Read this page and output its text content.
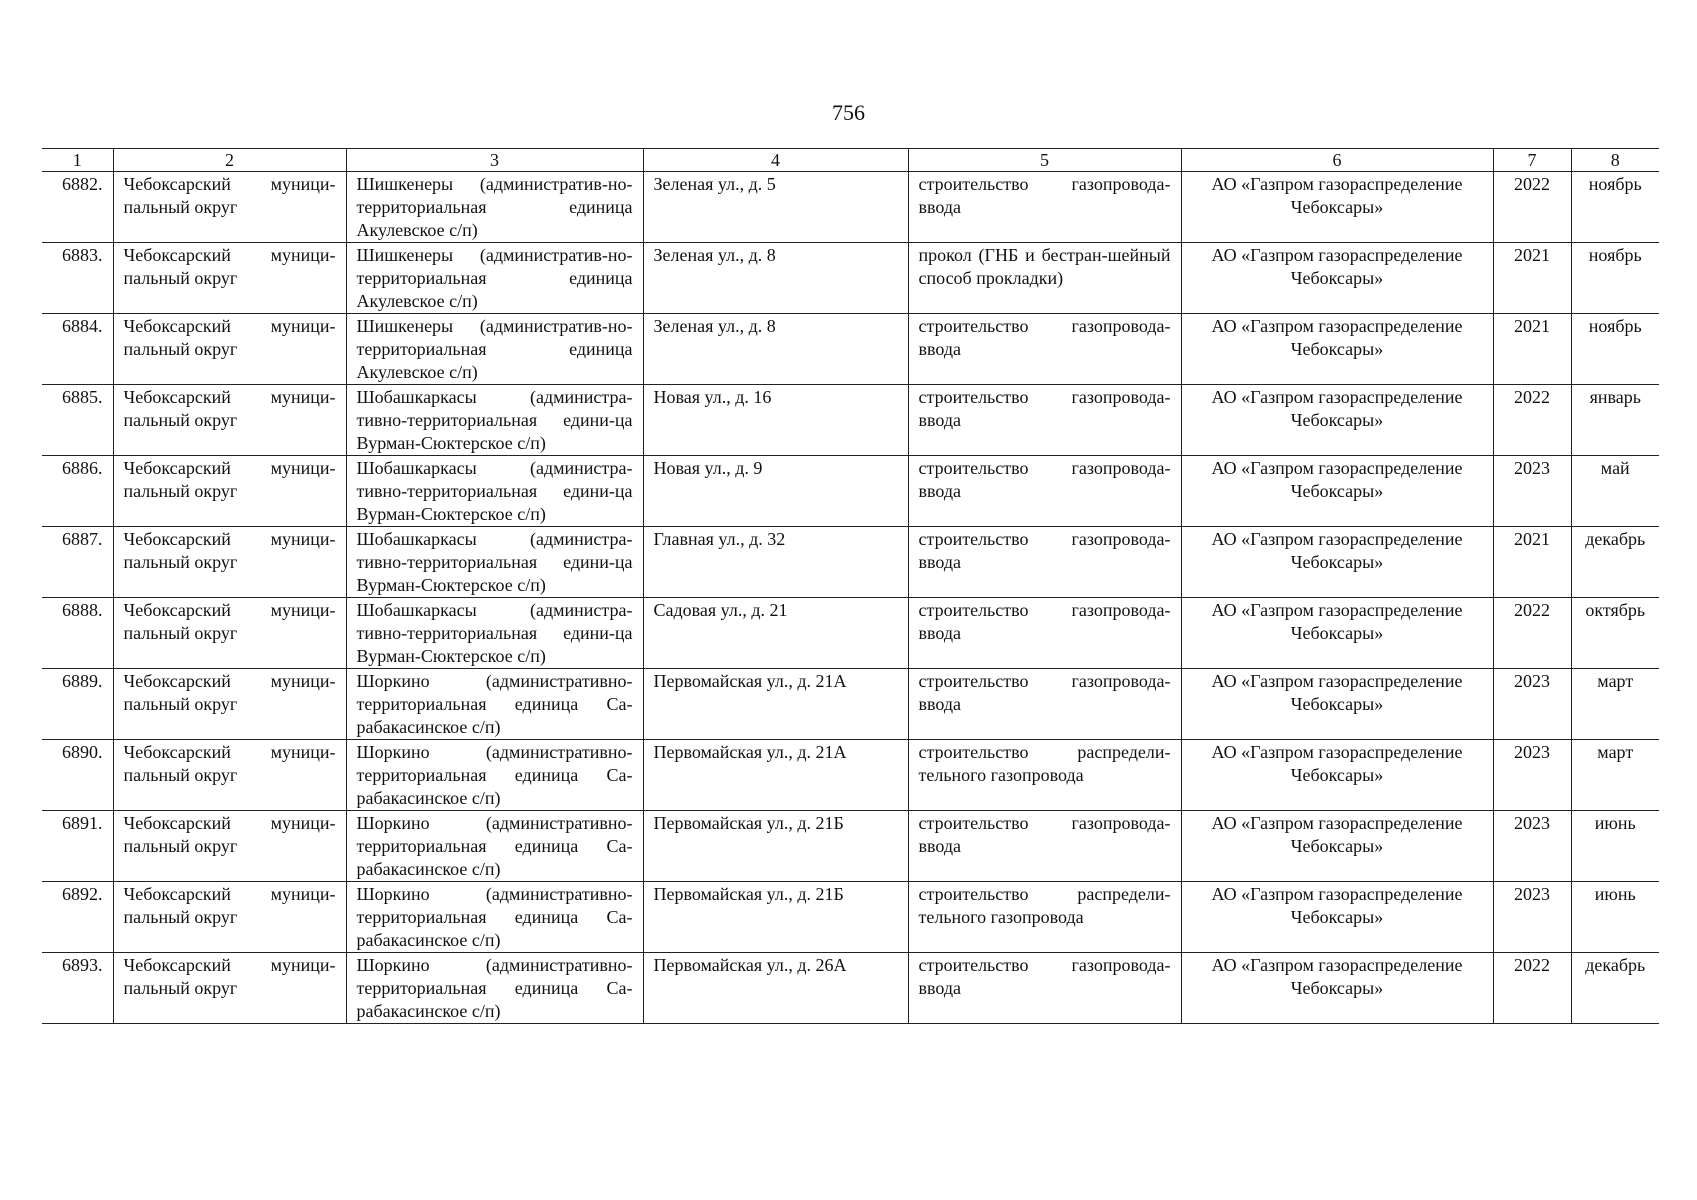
756
1	2	3	4	5	6	7	8
6882.	Чебоксарский муници-пальный округ	Шишкенеры (административ-но-территориальная единица Акулевское с/п)	Зеленая ул., д. 5	строительство газопровода-ввода	АО «Газпром газораспределение Чебоксары»	2022	ноябрь
6883.	Чебоксарский муници-пальный округ	Шишкенеры (административ-но-территориальная единица Акулевское с/п)	Зеленая ул., д. 8	прокол (ГНБ и бестран-шейный способ прокладки)	АО «Газпром газораспределение Чебоксары»	2021	ноябрь
6884.	Чебоксарский муници-пальный округ	Шишкенеры (административ-но-территориальная единица Акулевское с/п)	Зеленая ул., д. 8	строительство газопровода-ввода	АО «Газпром газораспределение Чебоксары»	2021	ноябрь
6885.	Чебоксарский муници-пальный округ	Шобашкаркасы (администра-тивно-территориальная едини-ца Вурман-Сюктерское с/п)	Новая ул., д. 16	строительство газопровода-ввода	АО «Газпром газораспределение Чебоксары»	2022	январь
6886.	Чебоксарский муници-пальный округ	Шобашкаркасы (администра-тивно-территориальная едини-ца Вурман-Сюктерское с/п)	Новая ул., д. 9	строительство газопровода-ввода	АО «Газпром газораспределение Чебоксары»	2023	май
6887.	Чебоксарский муници-пальный округ	Шобашкаркасы (администра-тивно-территориальная едини-ца Вурман-Сюктерское с/п)	Главная ул., д. 32	строительство газопровода-ввода	АО «Газпром газораспределение Чебоксары»	2021	декабрь
6888.	Чебоксарский муници-пальный округ	Шобашкаркасы (администра-тивно-территориальная едини-ца Вурман-Сюктерское с/п)	Садовая ул., д. 21	строительство газопровода-ввода	АО «Газпром газораспределение Чебоксары»	2022	октябрь
6889.	Чебоксарский муници-пальный округ	Шоркино (административно-территориальная единица Са-рабакасинское с/п)	Первомайская ул., д. 21А	строительство газопровода-ввода	АО «Газпром газораспределение Чебоксары»	2023	март
6890.	Чебоксарский муници-пальный округ	Шоркино (административно-территориальная единица Са-рабакасинское с/п)	Первомайская ул., д. 21А	строительство распредели-тельного газопровода	АО «Газпром газораспределение Чебоксары»	2023	март
6891.	Чебоксарский муници-пальный округ	Шоркино (административно-территориальная единица Са-рабакасинское с/п)	Первомайская ул., д. 21Б	строительство газопровода-ввода	АО «Газпром газораспределение Чебоксары»	2023	июнь
6892.	Чебоксарский муници-пальный округ	Шоркино (административно-территориальная единица Са-рабакасинское с/п)	Первомайская ул., д. 21Б	строительство распредели-тельного газопровода	АО «Газпром газораспределение Чебоксары»	2023	июнь
6893.	Чебоксарский муници-пальный округ	Шоркино (административно-территориальная единица Са-рабакасинское с/п)	Первомайская ул., д. 26А	строительство газопровода-ввода	АО «Газпром газораспределение Чебоксары»	2022	декабрь
